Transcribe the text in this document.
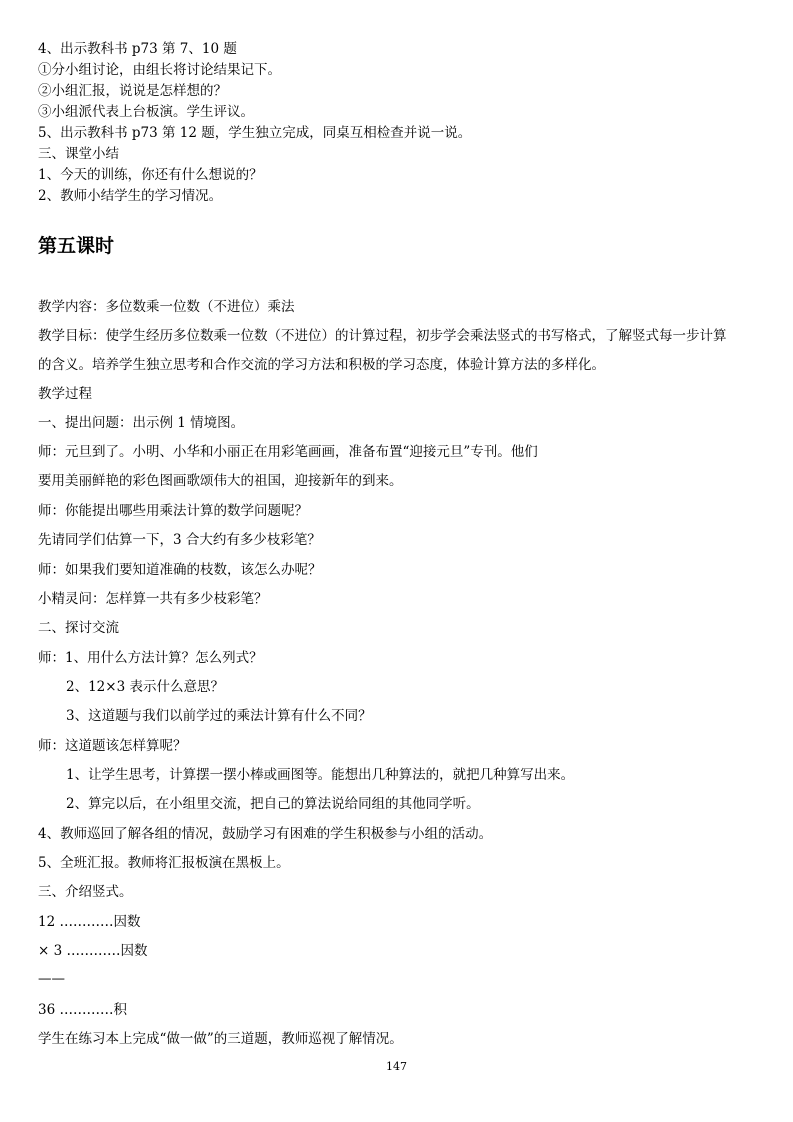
4、出示教科书 p73 第 7、10 题
①分小组讨论，由组长将讨论结果记下。
②小组汇报，说说是怎样想的？
③小组派代表上台板演。学生评议。
5、出示教科书 p73 第 12 题，学生独立完成，同桌互相检查并说一说。
三、课堂小结
1、今天的训练，你还有什么想说的？
2、教师小结学生的学习情况。
第五课时
教学内容：多位数乘一位数（不进位）乘法
教学目标：使学生经历多位数乘一位数（不进位）的计算过程，初步学会乘法竖式的书写格式，了解竖式每一步计算
的含义。培养学生独立思考和合作交流的学习方法和积极的学习态度，体验计算方法的多样化。
教学过程
一、提出问题：出示例 1 情境图。
师：元旦到了。小明、小华和小丽正在用彩笔画画，准备布置“迎接元旦”专刊。他们
要用美丽鲜艳的彩色图画歌颂伟大的祖国，迎接新年的到来。
师：你能提出哪些用乘法计算的数学问题呢？
先请同学们估算一下，3 合大约有多少枝彩笔？
师：如果我们要知道准确的枝数，该怎么办呢？
小精灵问：怎样算一共有多少枝彩笔？
二、探讨交流
师：1、用什么方法计算？怎么列式？
2、12×3 表示什么意思？
3、这道题与我们以前学过的乘法计算有什么不同？
师：这道题该怎样算呢？
1、让学生思考，计算摆一摆小棒或画图等。能想出几种算法的，就把几种算写出来。
2、算完以后，在小组里交流，把自己的算法说给同组的其他同学听。
4、教师巡回了解各组的情况，鼓励学习有困难的学生积极参与小组的活动。
5、全班汇报。教师将汇报板演在黑板上。
三、介绍竖式。
12 …………因数
× 3 …………因数
——
36 …………积
学生在练习本上完成“做一做”的三道题，教师巡视了解情况。
147
